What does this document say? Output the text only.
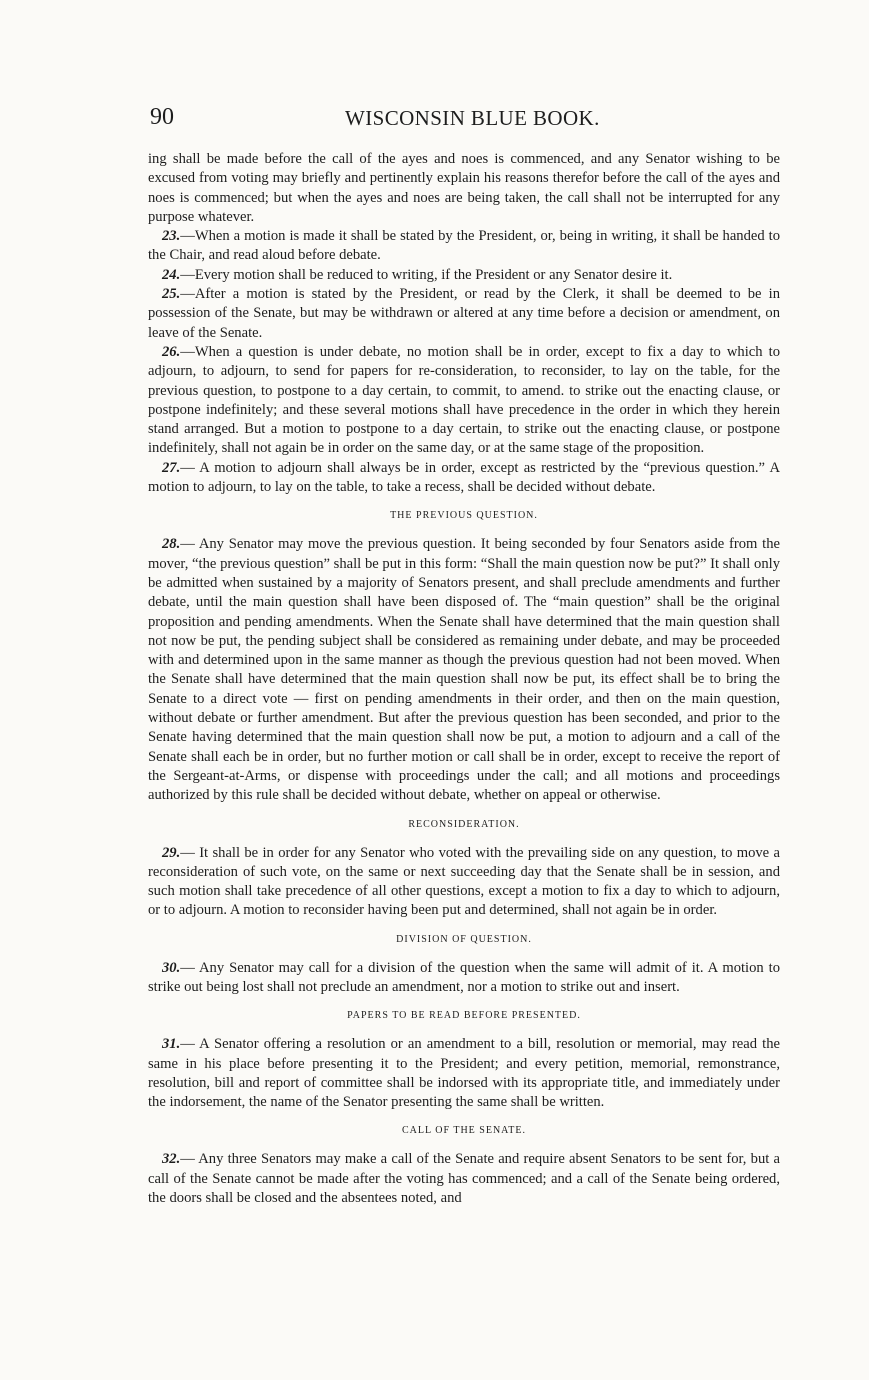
90	WISCONSIN BLUE BOOK.

ing shall be made before the call of the ayes and noes is commenced, and any Senator wishing to be excused from voting may briefly and pertinently explain his reasons therefor before the call of the ayes and noes is commenced; but when the ayes and noes are being taken, the call shall not be interrupted for any purpose whatever.

23.—When a motion is made it shall be stated by the President, or, being in writing, it shall be handed to the Chair, and read aloud before debate.

24.—Every motion shall be reduced to writing, if the President or any Senator desire it.

25.—After a motion is stated by the President, or read by the Clerk, it shall be deemed to be in possession of the Senate, but may be withdrawn or altered at any time before a decision or amendment, on leave of the Senate.

26.—When a question is under debate, no motion shall be in order, except to fix a day to which to adjourn, to adjourn, to send for papers for re-consideration, to reconsider, to lay on the table, for the previous question, to postpone to a day certain, to commit, to amend. to strike out the enacting clause, or postpone indefinitely; and these several motions shall have precedence in the order in which they herein stand arranged. But a motion to postpone to a day certain, to strike out the enacting clause, or postpone indefinitely, shall not again be in order on the same day, or at the same stage of the proposition.

27.— A motion to adjourn shall always be in order, except as restricted by the “previous question.” A motion to adjourn, to lay on the table, to take a recess, shall be decided without debate.

THE PREVIOUS QUESTION.

28.— Any Senator may move the previous question. It being seconded by four Senators aside from the mover, “the previous question” shall be put in this form: “Shall the main question now be put?” It shall only be admitted when sustained by a majority of Senators present, and shall preclude amendments and further debate, until the main question shall have been disposed of. The “main question” shall be the original proposition and pending amendments. When the Senate shall have determined that the main question shall not now be put, the pending subject shall be considered as remaining under debate, and may be proceeded with and determined upon in the same manner as though the previous question had not been moved. When the Senate shall have determined that the main question shall now be put, its effect shall be to bring the Senate to a direct vote — first on pending amendments in their order, and then on the main question, without debate or further amendment. But after the previous question has been seconded, and prior to the Senate having determined that the main question shall now be put, a motion to adjourn and a call of the Senate shall each be in order, but no further motion or call shall be in order, except to receive the report of the Sergeant-at-Arms, or dispense with proceedings under the call; and all motions and proceedings authorized by this rule shall be decided without debate, whether on appeal or otherwise.

RECONSIDERATION.

29.— It shall be in order for any Senator who voted with the prevailing side on any question, to move a reconsideration of such vote, on the same or next succeeding day that the Senate shall be in session, and such motion shall take precedence of all other questions, except a motion to fix a day to which to adjourn, or to adjourn. A motion to reconsider having been put and determined, shall not again be in order.

DIVISION OF QUESTION.

30.— Any Senator may call for a division of the question when the same will admit of it. A motion to strike out being lost shall not preclude an amendment, nor a motion to strike out and insert.

PAPERS TO BE READ BEFORE PRESENTED.

31.— A Senator offering a resolution or an amendment to a bill, resolution or memorial, may read the same in his place before presenting it to the President; and every petition, memorial, remonstrance, resolution, bill and report of committee shall be indorsed with its appropriate title, and immediately under the indorsement, the name of the Senator presenting the same shall be written.

CALL OF THE SENATE.

32.— Any three Senators may make a call of the Senate and require absent Senators to be sent for, but a call of the Senate cannot be made after the voting has commenced; and a call of the Senate being ordered, the doors shall be closed and the absentees noted, and
